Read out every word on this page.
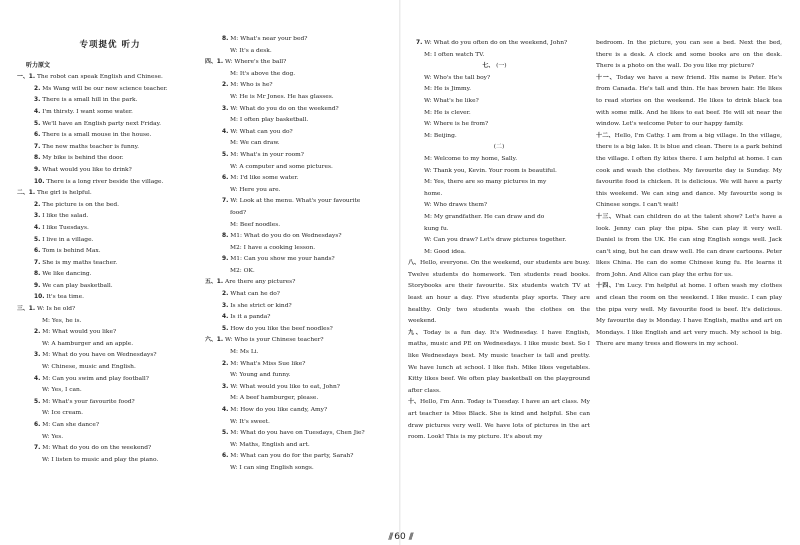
专项提优 听力
听力原文
一、1. The robot can speak English and Chinese.
2. Ms Wang will be our new science teacher.
3. There is a small hill in the park.
4. I'm thirsty. I want some water.
5. We'll have an English party next Friday.
6. There is a small mouse in the house.
7. The new maths teacher is funny.
8. My bike is behind the door.
9. What would you like to drink?
10. There is a long river beside the village.
二、1. The girl is helpful.
2. The picture is on the bed.
3. I like the salad.
4. I like Tuesdays.
5. I live in a village.
6. Tom is behind Max.
7. She is my maths teacher.
8. We like dancing.
9. We can play basketball.
10. It's tea time.
三、1. W: Is he old?
M: Yes, he is.
2. M: What would you like?
W: A hamburger and an apple.
3. M: What do you have on Wednesdays?
W: Chinese, music and English.
4. M: Can you swim and play football?
W: Yes, I can.
5. M: What's your favourite food?
W: Ice cream.
6. M: Can she dance?
W: Yes.
7. M: What do you do on the weekend?
W: I listen to music and play the piano.
8. M: What's near your bed?
W: It's a desk.
四、1. W: Where's the ball?
M: It's above the dog.
2. M: Who is he?
W: He is Mr Jones. He has glasses.
3. W: What do you do on the weekend?
M: I often play basketball.
4. W: What can you do?
M: We can draw.
5. M: What's in your room?
W: A computer and some pictures.
6. M: I'd like some water.
W: Here you are.
7. W: Look at the menu. What's your favourite
food?
M: Beef noodles.
8. M1: What do you do on Wednesdays?
M2: I have a cooking lesson.
9. M1: Can you show me your hands?
M2: OK.
五、1. Are there any pictures?
2. What can he do?
3. Is she strict or kind?
4. Is it a panda?
5. How do you like the beef noodles?
六、1. W: Who is your Chinese teacher?
M: Ms Li.
2. M: What's Miss Sue like?
W: Young and funny.
3. W: What would you like to eat, John?
M: A beef hamburger, please.
4. M: How do you like candy, Amy?
W: It's sweet.
5. M: What do you have on Tuesdays, Chen Jie?
W: Maths, English and art.
6. M: What can you do for the party, Sarah?
W: I can sing English songs.
7. W: What do you often do on the weekend, John?
M: I often watch TV.
七、 (一)
W: Who's the tall boy?
M: He is Jimmy.
W: What's he like?
M: He is clever.
W: Where is he from?
M: Beijing.
(二)
M: Welcome to my home, Sally.
W: Thank you, Kevin. Your room is beautiful.
M: Yes, there are so many pictures in my
home.
W: Who draws them?
M: My grandfather. He can draw and do
kung fu.
W: Can you draw? Let's draw pictures together.
M: Good idea.
八、Hello, everyone. On the weekend, our students are busy. Twelve students do homework. Ten students read books. Storybooks are their favourite. Six students watch TV at least an hour a day. Five students play sports. They are healthy. Only two students wash the clothes on the weekend.
九、Today is a fun day. It's Wednesday. I have English, maths, music and PE on Wednesdays. I like music best. So I like Wednesdays best. My music teacher is tall and pretty. We have lunch at school. I like fish. Mike likes vegetables. Kitty likes beef. We often play basketball on the playground after class.
十、Hello, I'm Ann. Today is Tuesday. I have an art class. My art teacher is Miss Black. She is kind and helpful. She can draw pictures very well. We have lots of pictures in the art room. Look! This is my picture. It's about my
bedroom. In the picture, you can see a bed. Next the bed, there is a desk. A clock and some books are on the desk. There is a photo on the wall. Do you like my picture?
十一、Today we have a new friend. His name is Peter. He's from Canada. He's tall and thin. He has brown hair. He likes to read stories on the weekend. He likes to drink black tea with some milk. And he likes to eat beef. He will sit near the window. Let's welcome Peter to our happy family.
十二、Hello, I'm Cathy. I am from a big village. In the village, there is a big lake. It is blue and clean. There is a park behind the village. I often fly kites there. I am helpful at home. I can cook and wash the clothes. My favourite day is Sunday. My favourite food is chicken. It is delicious. We will have a party this weekend. We can sing and dance. My favourite song is Chinese songs. I can't wait!
十三、What can children do at the talent show? Let's have a look. Jenny can play the pipa. She can play it very well. Daniel is from the UK. He can sing English songs well. Jack can't sing, but he can draw well. He can draw cartoons. Peter likes China. He can do some Chinese kung fu. He learns it from John. And Alice can play the erhu for us.
十四、I'm Lucy. I'm helpful at home. I often wash my clothes and clean the room on the weekend. I like music. I can play the pipa very well. My favourite food is beef. It's delicious. My favourite day is Monday. I have English, maths and art on Mondays. I like English and art very much. My school is big. There are many trees and flowers in my school.
/// 60 ///
